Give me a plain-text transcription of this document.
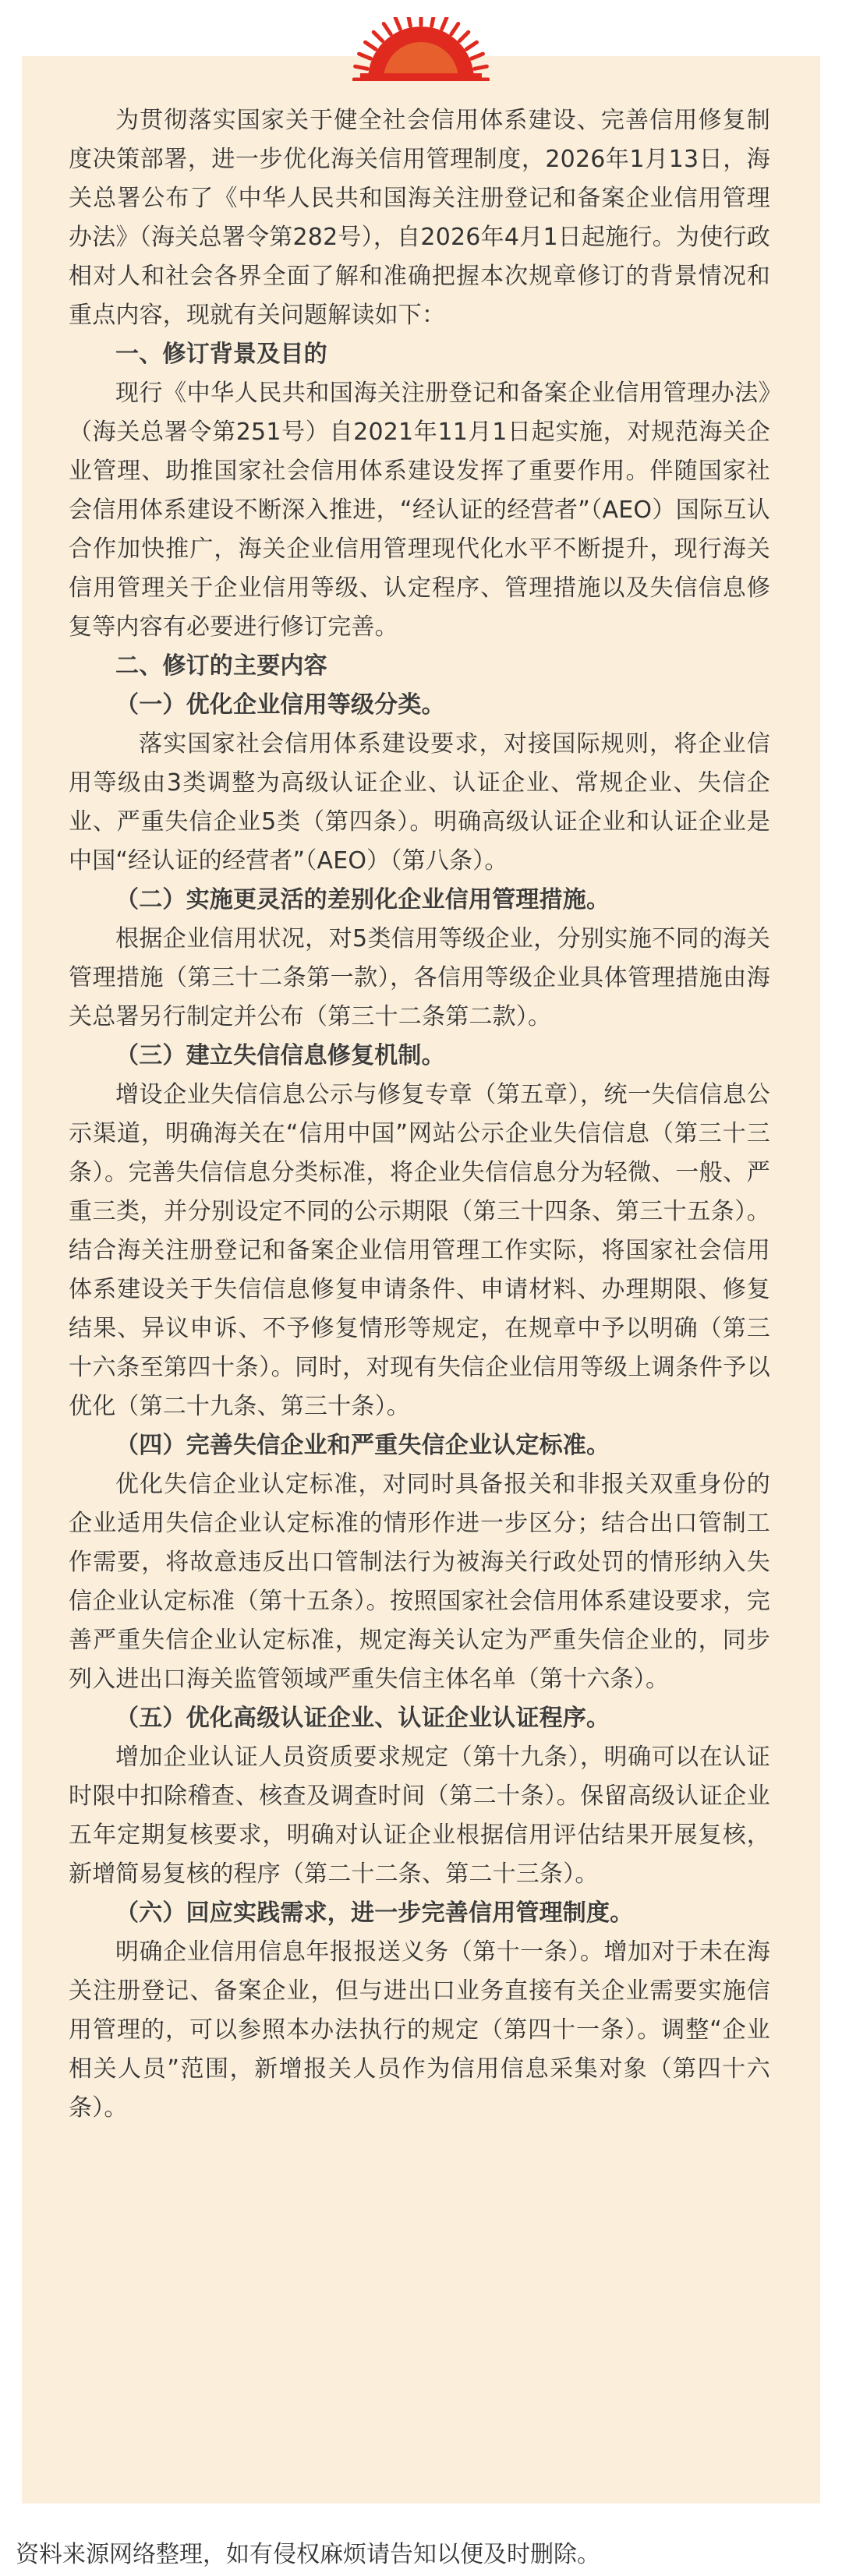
为贯彻落实国家关于健全社会信用体系建设、完善信用修复制度决策部署，进一步优化海关信用管理制度，2026年1月13日，海关总署公布了《中华人民共和国海关注册登记和备案企业信用管理办法》（海关总署令第282号），自2026年4月1日起施行。为使行政相对人和社会各界全面了解和准确把握本次规章修订的背景情况和重点内容，现就有关问题解读如下：

一、修订背景及目的

现行《中华人民共和国海关注册登记和备案企业信用管理办法》（海关总署令第251号）自2021年11月1日起实施，对规范海关企业管理、助推国家社会信用体系建设发挥了重要作用。伴随国家社会信用体系建设不断深入推进，“经认证的经营者”（AEO）国际互认合作加快推广，海关企业信用管理现代化水平不断提升，现行海关信用管理关于企业信用等级、认定程序、管理措施以及失信信息修复等内容有必要进行修订完善。

二、修订的主要内容

（一）优化企业信用等级分类。

落实国家社会信用体系建设要求，对接国际规则，将企业信用等级由3类调整为高级认证企业、认证企业、常规企业、失信企业、严重失信企业5类（第四条）。明确高级认证企业和认证企业是中国“经认证的经营者”（AEO）（第八条）。

（二）实施更灵活的差别化企业信用管理措施。

根据企业信用状况，对5类信用等级企业，分别实施不同的海关管理措施（第三十二条第一款），各信用等级企业具体管理措施由海关总署另行制定并公布（第三十二条第二款）。

（三）建立失信信息修复机制。

增设企业失信信息公示与修复专章（第五章），统一失信信息公示渠道，明确海关在“信用中国”网站公示企业失信信息（第三十三条）。完善失信信息分类标准，将企业失信信息分为轻微、一般、严重三类，并分别设定不同的公示期限（第三十四条、第三十五条）。结合海关注册登记和备案企业信用管理工作实际，将国家社会信用体系建设关于失信信息修复申请条件、申请材料、办理期限、修复结果、异议申诉、不予修复情形等规定，在规章中予以明确（第三十六条至第四十条）。同时，对现有失信企业信用等级上调条件予以优化（第二十九条、第三十条）。

（四）完善失信企业和严重失信企业认定标准。

优化失信企业认定标准，对同时具备报关和非报关双重身份的企业适用失信企业认定标准的情形作进一步区分；结合出口管制工作需要，将故意违反出口管制法行为被海关行政处罚的情形纳入失信企业认定标准（第十五条）。按照国家社会信用体系建设要求，完善严重失信企业认定标准，规定海关认定为严重失信企业的，同步列入进出口海关监管领域严重失信主体名单（第十六条）。

（五）优化高级认证企业、认证企业认证程序。

增加企业认证人员资质要求规定（第十九条），明确可以在认证时限中扣除稽查、核查及调查时间（第二十条）。保留高级认证企业五年定期复核要求，明确对认证企业根据信用评估结果开展复核，新增简易复核的程序（第二十二条、第二十三条）。

（六）回应实践需求，进一步完善信用管理制度。

明确企业信用信息年报报送义务（第十一条）。增加对于未在海关注册登记、备案企业，但与进出口业务直接有关企业需要实施信用管理的，可以参照本办法执行的规定（第四十一条）。调整“企业相关人员”范围，新增报关人员作为信用信息采集对象（第四十六条）。

资料来源网络整理，如有侵权麻烦请告知以便及时删除。
